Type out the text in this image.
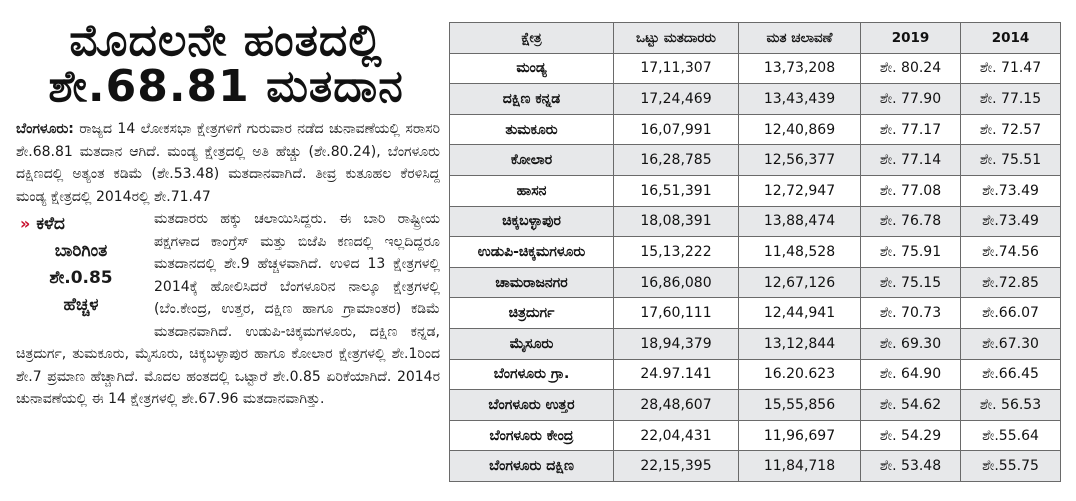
ಮೊದಲನೇ ಹಂತದಲ್ಲಿ
ಶೇ.68.81 ಮತದಾನ

ಬೆಂಗಳೂರು: ರಾಜ್ಯದ 14 ಲೋಕಸಭಾ ಕ್ಷೇತ್ರಗಳಿಗೆ ಗುರುವಾರ ನಡೆದ ಚುನಾವಣೆಯಲ್ಲಿ ಸರಾಸರಿ ಶೇ.68.81 ಮತದಾನ ಆಗಿದೆ. ಮಂಡ್ಯ ಕ್ಷೇತ್ರದಲ್ಲಿ ಅತಿ ಹೆಚ್ಚು (ಶೇ.80.24), ಬೆಂಗಳೂರು ದಕ್ಷಿಣದಲ್ಲಿ ಅತ್ಯಂತ ಕಡಿಮೆ (ಶೇ.53.48) ಮತದಾನವಾಗಿದೆ. ತೀವ್ರ ಕುತೂಹಲ ಕೆರಳಿಸಿದ್ದ ಮಂಡ್ಯ ಕ್ಷೇತ್ರದಲ್ಲಿ 2014ರಲ್ಲಿ ಶೇ.71.47

» ಕಳೆದ
ಬಾರಿಗಿಂತ
ಶೇ.0.85
ಹೆಚ್ಚಳ

ಮತದಾರರು ಹಕ್ಕು ಚಲಾಯಿಸಿದ್ದರು. ಈ ಬಾರಿ ರಾಷ್ಟ್ರೀಯ ಪಕ್ಷಗಳಾದ ಕಾಂಗ್ರೆಸ್ ಮತ್ತು ಬಿಜೆಪಿ ಕಣದಲ್ಲಿ ಇಲ್ಲದಿದ್ದರೂ ಮತದಾನದಲ್ಲಿ ಶೇ.9 ಹೆಚ್ಚಳವಾಗಿದೆ. ಉಳಿದ 13 ಕ್ಷೇತ್ರಗಳಲ್ಲಿ 2014ಕ್ಕೆ ಹೋಲಿಸಿದರೆ ಬೆಂಗಳೂರಿನ ನಾಲ್ಕೂ ಕ್ಷೇತ್ರಗಳಲ್ಲಿ (ಬೆಂ.ಕೇಂದ್ರ, ಉತ್ತರ, ದಕ್ಷಿಣ ಹಾಗೂ ಗ್ರಾಮಾಂತರ) ಕಡಿಮೆ ಮತದಾನವಾಗಿದೆ. ಉಡುಪಿ-ಚಿಕ್ಕಮಗಳೂರು, ದಕ್ಷಿಣ ಕನ್ನಡ, ಚಿತ್ರದುರ್ಗ, ತುಮಕೂರು, ಮೈಸೂರು, ಚಿಕ್ಕಬಳ್ಳಾಪುರ ಹಾಗೂ ಕೋಲಾರ ಕ್ಷೇತ್ರಗಳಲ್ಲಿ ಶೇ.1ರಿಂದ ಶೇ.7 ಪ್ರಮಾಣ ಹೆಚ್ಚಾಗಿದೆ. ಮೊದಲ ಹಂತದಲ್ಲಿ ಒಟ್ಟಾರೆ ಶೇ.0.85 ಏರಿಕೆಯಾಗಿದೆ. 2014ರ ಚುನಾವಣೆಯಲ್ಲಿ ಈ 14 ಕ್ಷೇತ್ರಗಳಲ್ಲಿ ಶೇ.67.96 ಮತದಾನವಾಗಿತ್ತು.

ಕ್ಷೇತ್ರ	ಒಟ್ಟು ಮತದಾರರು	ಮತ ಚಲಾವಣೆ	2019	2014
ಮಂಡ್ಯ	17,11,307	13,73,208	ಶೇ. 80.24	ಶೇ. 71.47
ದಕ್ಷಿಣ ಕನ್ನಡ	17,24,469	13,43,439	ಶೇ. 77.90	ಶೇ. 77.15
ತುಮಕೂರು	16,07,991	12,40,869	ಶೇ. 77.17	ಶೇ. 72.57
ಕೋಲಾರ	16,28,785	12,56,377	ಶೇ. 77.14	ಶೇ. 75.51
ಹಾಸನ	16,51,391	12,72,947	ಶೇ. 77.08	ಶೇ.73.49
ಚಿಕ್ಕಬಳ್ಳಾಪುರ	18,08,391	13,88,474	ಶೇ. 76.78	ಶೇ.73.49
ಉಡುಪಿ-ಚಿಕ್ಕಮಗಳೂರು	15,13,222	11,48,528	ಶೇ. 75.91	ಶೇ.74.56
ಚಾಮರಾಜನಗರ	16,86,080	12,67,126	ಶೇ. 75.15	ಶೇ.72.85
ಚಿತ್ರದುರ್ಗ	17,60,111	12,44,941	ಶೇ. 70.73	ಶೇ.66.07
ಮೈಸೂರು	18,94,379	13,12,844	ಶೇ. 69.30	ಶೇ.67.30
ಬೆಂಗಳೂರು ಗ್ರಾ.	24.97.141	16.20.623	ಶೇ. 64.90	ಶೇ.66.45
ಬೆಂಗಳೂರು ಉತ್ತರ	28,48,607	15,55,856	ಶೇ. 54.62	ಶೇ. 56.53
ಬೆಂಗಳೂರು ಕೇಂದ್ರ	22,04,431	11,96,697	ಶೇ. 54.29	ಶೇ.55.64
ಬೆಂಗಳೂರು ದಕ್ಷಿಣ	22,15,395	11,84,718	ಶೇ. 53.48	ಶೇ.55.75
